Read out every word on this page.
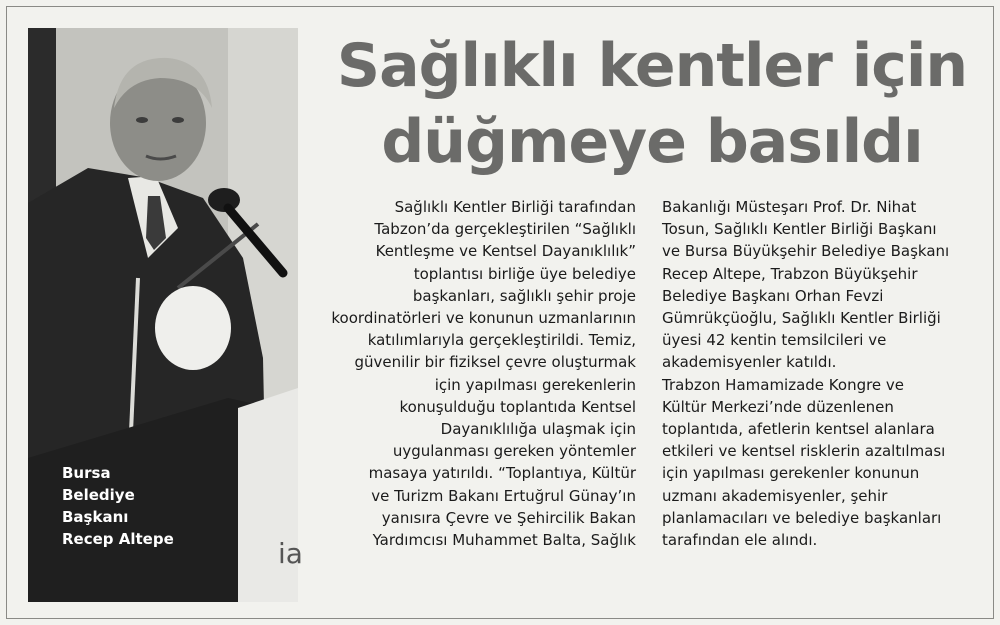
ia
Bursa
Belediye
Başkanı
Recep Altepe
Sağlıklı kentler için
düğmeye basıldı
Sağlıklı Kentler Birliği tarafından
Tabzon’da gerçekleştirilen “Sağlıklı
Kentleşme ve Kentsel Dayanıklılık”
toplantısı birliğe üye belediye
başkanları, sağlıklı şehir proje
koordinatörleri ve konunun uzmanlarının
katılımlarıyla gerçekleştirildi. Temiz,
güvenilir bir fiziksel çevre oluşturmak
için yapılması gerekenlerin
konuşulduğu toplantıda Kentsel
Dayanıklılığa ulaşmak için
uygulanması gereken yöntemler
masaya yatırıldı. “Toplantıya, Kültür
ve Turizm Bakanı Ertuğrul Günay’ın
yanısıra Çevre ve Şehircilik Bakan
Yardımcısı Muhammet Balta, Sağlık
Bakanlığı Müsteşarı Prof. Dr. Nihat
Tosun, Sağlıklı Kentler Birliği Başkanı
ve Bursa Büyükşehir Belediye Başkanı
Recep Altepe, Trabzon Büyükşehir
Belediye Başkanı Orhan Fevzi
Gümrükçüoğlu, Sağlıklı Kentler Birliği
üyesi 42 kentin temsilcileri ve
akademisyenler katıldı.
Trabzon Hamamizade Kongre ve
Kültür Merkezi’nde düzenlenen
toplantıda, afetlerin kentsel alanlara
etkileri ve kentsel risklerin azaltılması
için yapılması gerekenler konunun
uzmanı akademisyenler, şehir
planlamacıları ve belediye başkanları
tarafından ele alındı.
